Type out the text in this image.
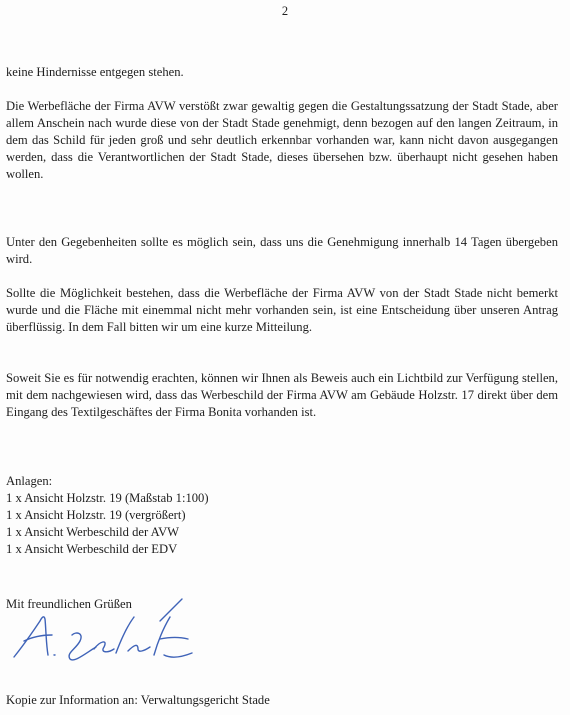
2

keine Hindernisse entgegen stehen.

Die Werbefläche der Firma AVW verstößt zwar gewaltig gegen die Gestaltungssatzung der Stadt Stade, aber allem Anschein nach wurde diese von der Stadt Stade genehmigt, denn bezogen auf den langen Zeitraum, in dem das Schild für jeden groß und sehr deutlich erkennbar vorhanden war, kann nicht davon ausgegangen werden, dass die Verantwortlichen der Stadt Stade, dieses übersehen bzw. überhaupt nicht gesehen haben wollen.

Unter den Gegebenheiten sollte es möglich sein, dass uns die Genehmigung innerhalb 14 Tagen übergeben wird.

Sollte die Möglichkeit bestehen, dass die Werbefläche der Firma AVW von der Stadt Stade nicht bemerkt wurde und die Fläche mit einemmal nicht mehr vorhanden sein, ist eine Entscheidung über unseren Antrag überflüssig. In dem Fall bitten wir um eine kurze Mitteilung.

Soweit Sie es für notwendig erachten, können wir Ihnen als Beweis auch ein Lichtbild zur Verfügung stellen, mit dem nachgewiesen wird, dass das Werbeschild der Firma AVW am Gebäude Holzstr. 17 direkt über dem Eingang des Textilgeschäftes der Firma Bonita vorhanden ist.

Anlagen:
1 x Ansicht Holzstr. 19 (Maßstab 1:100)
1 x Ansicht Holzstr. 19 (vergrößert)
1 x Ansicht Werbeschild der AVW
1 x Ansicht Werbeschild der EDV
Mit freundlichen Grüßen
Kopie zur Information an: Verwaltungsgericht Stade
